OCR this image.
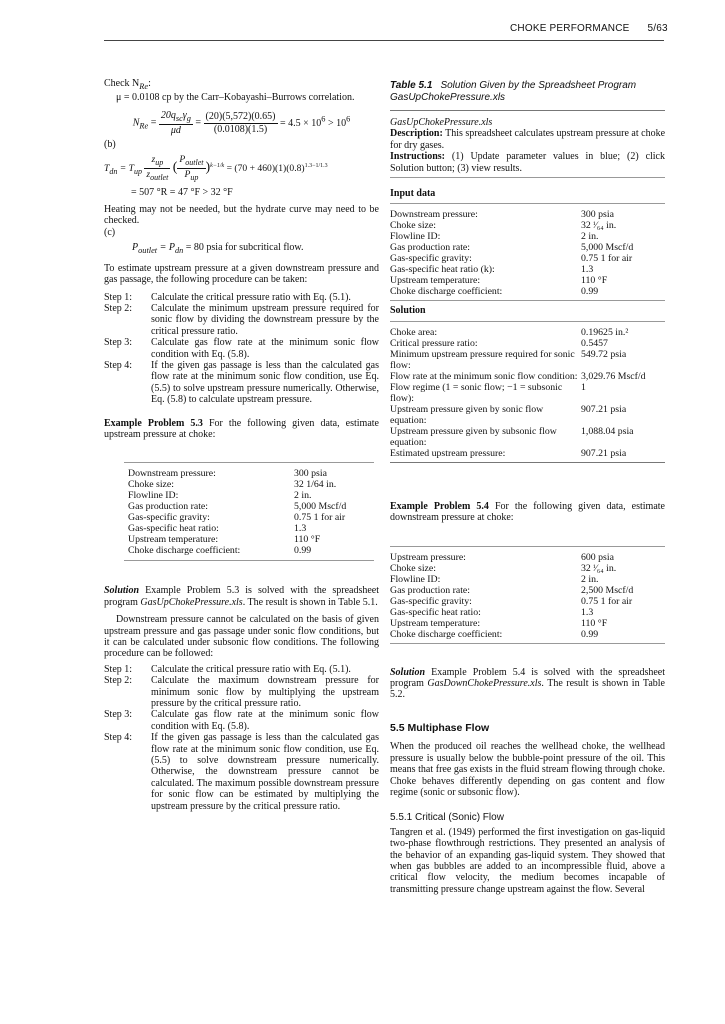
CHOKE PERFORMANCE 5/63

Check $N_{Re}$:

μ = 0.0108 cp by the Carr–Kobayashi–Burrows correlation.

$N_{Re} = \frac{20q_{sc}\gamma_g}{\mu d} = \frac{(20)(5,572)(0.65)}{(0.0108)(1.5)} = 4.5 \times 10^6 > 10^6$

(b)

$T_{dn} = T_{up} \frac{z_{up}}{z_{outlet}}$ ( $\frac{P_{outlet}}{P_{up}} )^{k-1/k} = (70 + 460)(1)(0.8)^{1.3-1/1.3}$

= 507 °R = 47 °F > 32 °F

Heating may not be needed, but the hydrate curve may need to be checked.

(c)

$P_{outlet} = P_{dn} = 80$ psia for subcritical flow.

To estimate upstream pressure at a given downstream pressure and gas passage, the following procedure can be taken:

Step 1:	Calculate the critical pressure ratio with Eq. (5.1).
Step 2:	Calculate the minimum upstream pressure required for sonic flow by dividing the downstream pressure by the critical pressure ratio.
Step 3:	Calculate gas flow rate at the minimum sonic flow condition with Eq. (5.8).
Step 4:	If the given gas passage is less than the calculated gas flow rate at the minimum sonic flow condition, use Eq. (5.5) to solve upstream pressure numerically. Otherwise, Eq. (5.8) to calculate upstream pressure.

Example Problem 5.3 For the following given data, estimate upstream pressure at choke:

Downstream pressure:	300 psia
Choke size:	32 1/64 in.
Flowline ID:	2 in.
Gas production rate:	5,000 Mscf/d
Gas-specific gravity:	0.75 1 for air
Gas-specific heat ratio:	1.3
Upstream temperature:	110 °F
Choke discharge coefficient:	0.99

Solution Example Problem 5.3 is solved with the spreadsheet program GasUpChokePressure.xls. The result is shown in Table 5.1.

Downstream pressure cannot be calculated on the basis of given upstream pressure and gas passage under sonic flow conditions, but it can be calculated under subsonic flow conditions. The following procedure can be followed:

Step 1:	Calculate the critical pressure ratio with Eq. (5.1).
Step 2:	Calculate the maximum downstream pressure for minimum sonic flow by multiplying the upstream pressure by the critical pressure ratio.
Step 3:	Calculate gas flow rate at the minimum sonic flow condition with Eq. (5.8).
Step 4:	If the given gas passage is less than the calculated gas flow rate at the minimum sonic flow condition, use Eq. (5.5) to solve downstream pressure numerically. Otherwise, the downstream pressure cannot be calculated. The maximum possible downstream pressure for sonic flow can be estimated by multiplying the upstream pressure by the critical pressure ratio.

Table 5.1 Solution Given by the Spreadsheet Program GasUpChokePressure.xls

GasUpChokePressure.xls

Description: This spreadsheet calculates upstream pressure at choke for dry gases.

Instructions: (1) Update parameter values in blue; (2) click Solution button; (3) view results.

Input data

Downstream pressure:	300 psia
Choke size:	32 ⁱ⁄₆₄ in.
Flowline ID:	2 in.
Gas production rate:	5,000 Mscf/d
Gas-specific gravity:	0.75 1 for air
Gas-specific heat ratio (k):	1.3
Upstream temperature:	110 °F
Choke discharge coefficient:	0.99

Solution

Choke area:	0.19625 in.²
Critical pressure ratio:	0.5457
Minimum upstream pressure required for sonic flow:	549.72 psia
Flow rate at the minimum sonic flow condition:	3,029.76 Mscf/d
Flow regime (1 = sonic flow; −1 = subsonic flow):	1
Upstream pressure given by sonic flow equation:	907.21 psia
Upstream pressure given by subsonic flow equation:	1,088.04 psia
Estimated upstream pressure:	907.21 psia

Example Problem 5.4 For the following given data, estimate downstream pressure at choke:

Upstream pressure:	600 psia
Choke size:	32 ⁱ⁄₆₄ in.
Flowline ID:	2 in.
Gas production rate:	2,500 Mscf/d
Gas-specific gravity:	0.75 1 for air
Gas-specific heat ratio:	1.3
Upstream temperature:	110 °F
Choke discharge coefficient:	0.99

Solution Example Problem 5.4 is solved with the spreadsheet program GasDownChokePressure.xls. The result is shown in Table 5.2.

5.5 Multiphase Flow

When the produced oil reaches the wellhead choke, the wellhead pressure is usually below the bubble-point pressure of the oil. This means that free gas exists in the fluid stream flowing through choke. Choke behaves differently depending on gas content and flow regime (sonic or subsonic flow).

5.5.1 Critical (Sonic) Flow

Tangren et al. (1949) performed the first investigation on gas-liquid two-phase flowthrough restrictions. They presented an analysis of the behavior of an expanding gas-liquid system. They showed that when gas bubbles are added to an incompressible fluid, above a critical flow velocity, the medium becomes incapable of transmitting pressure change upstream against the flow. Several
